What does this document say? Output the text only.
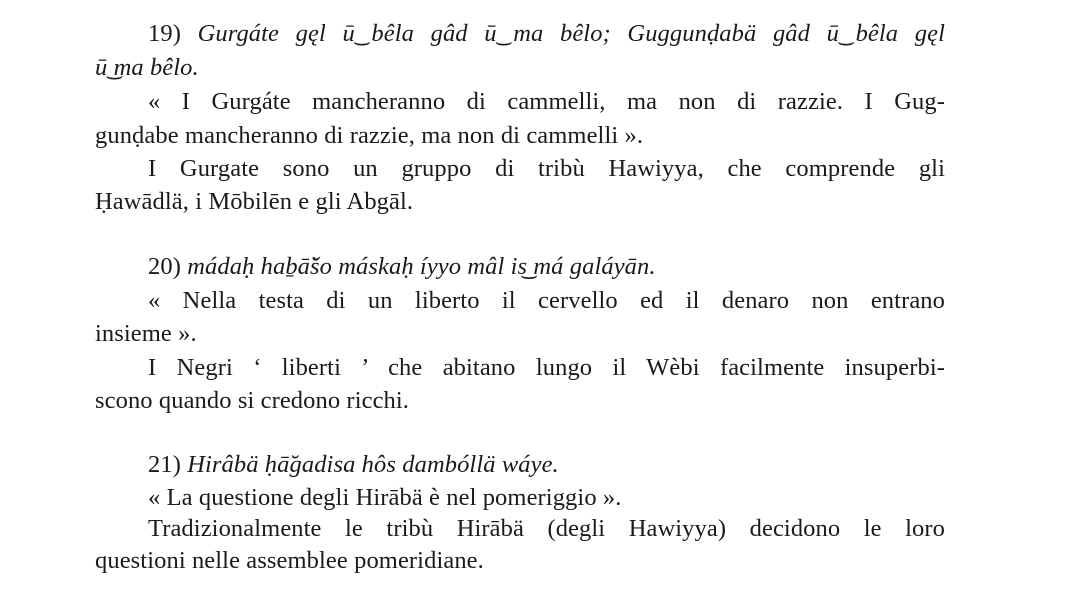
19) Gurgáte gęl ū͜ bêla gâd ū͜ ma bêlo; Guggunḍabä gâd ū͜ bêla gęl
ū͜ ma bêlo.
« I Gurgáte mancheranno di cammelli, ma non di razzie. I Gug-
gunḍabe mancheranno di razzie, ma non di cammelli ».
I Gurgate sono un gruppo di tribù Hawiyya, che comprende gli
Ḥawādlä, i Mōbilēn e gli Abgāl.
20) mádaḥ haḇā̆šo máskaḥ íyyo mâl is͜ má galáyān.
« Nella testa di un liberto il cervello ed il denaro non entrano
insieme ».
I Negri ‘ liberti ’ che abitano lungo il Wèbi facilmente insuperbi-
scono quando si credono ricchi.
21) Hirâbä ḥā̆gadisa hôs dambóllä wáye.
« La questione degli Hirābä è nel pomeriggio ».
Tradizionalmente le tribù Hirābä (degli Hawiyya) decidono le loro
questioni nelle assemblee pomeridiane.
